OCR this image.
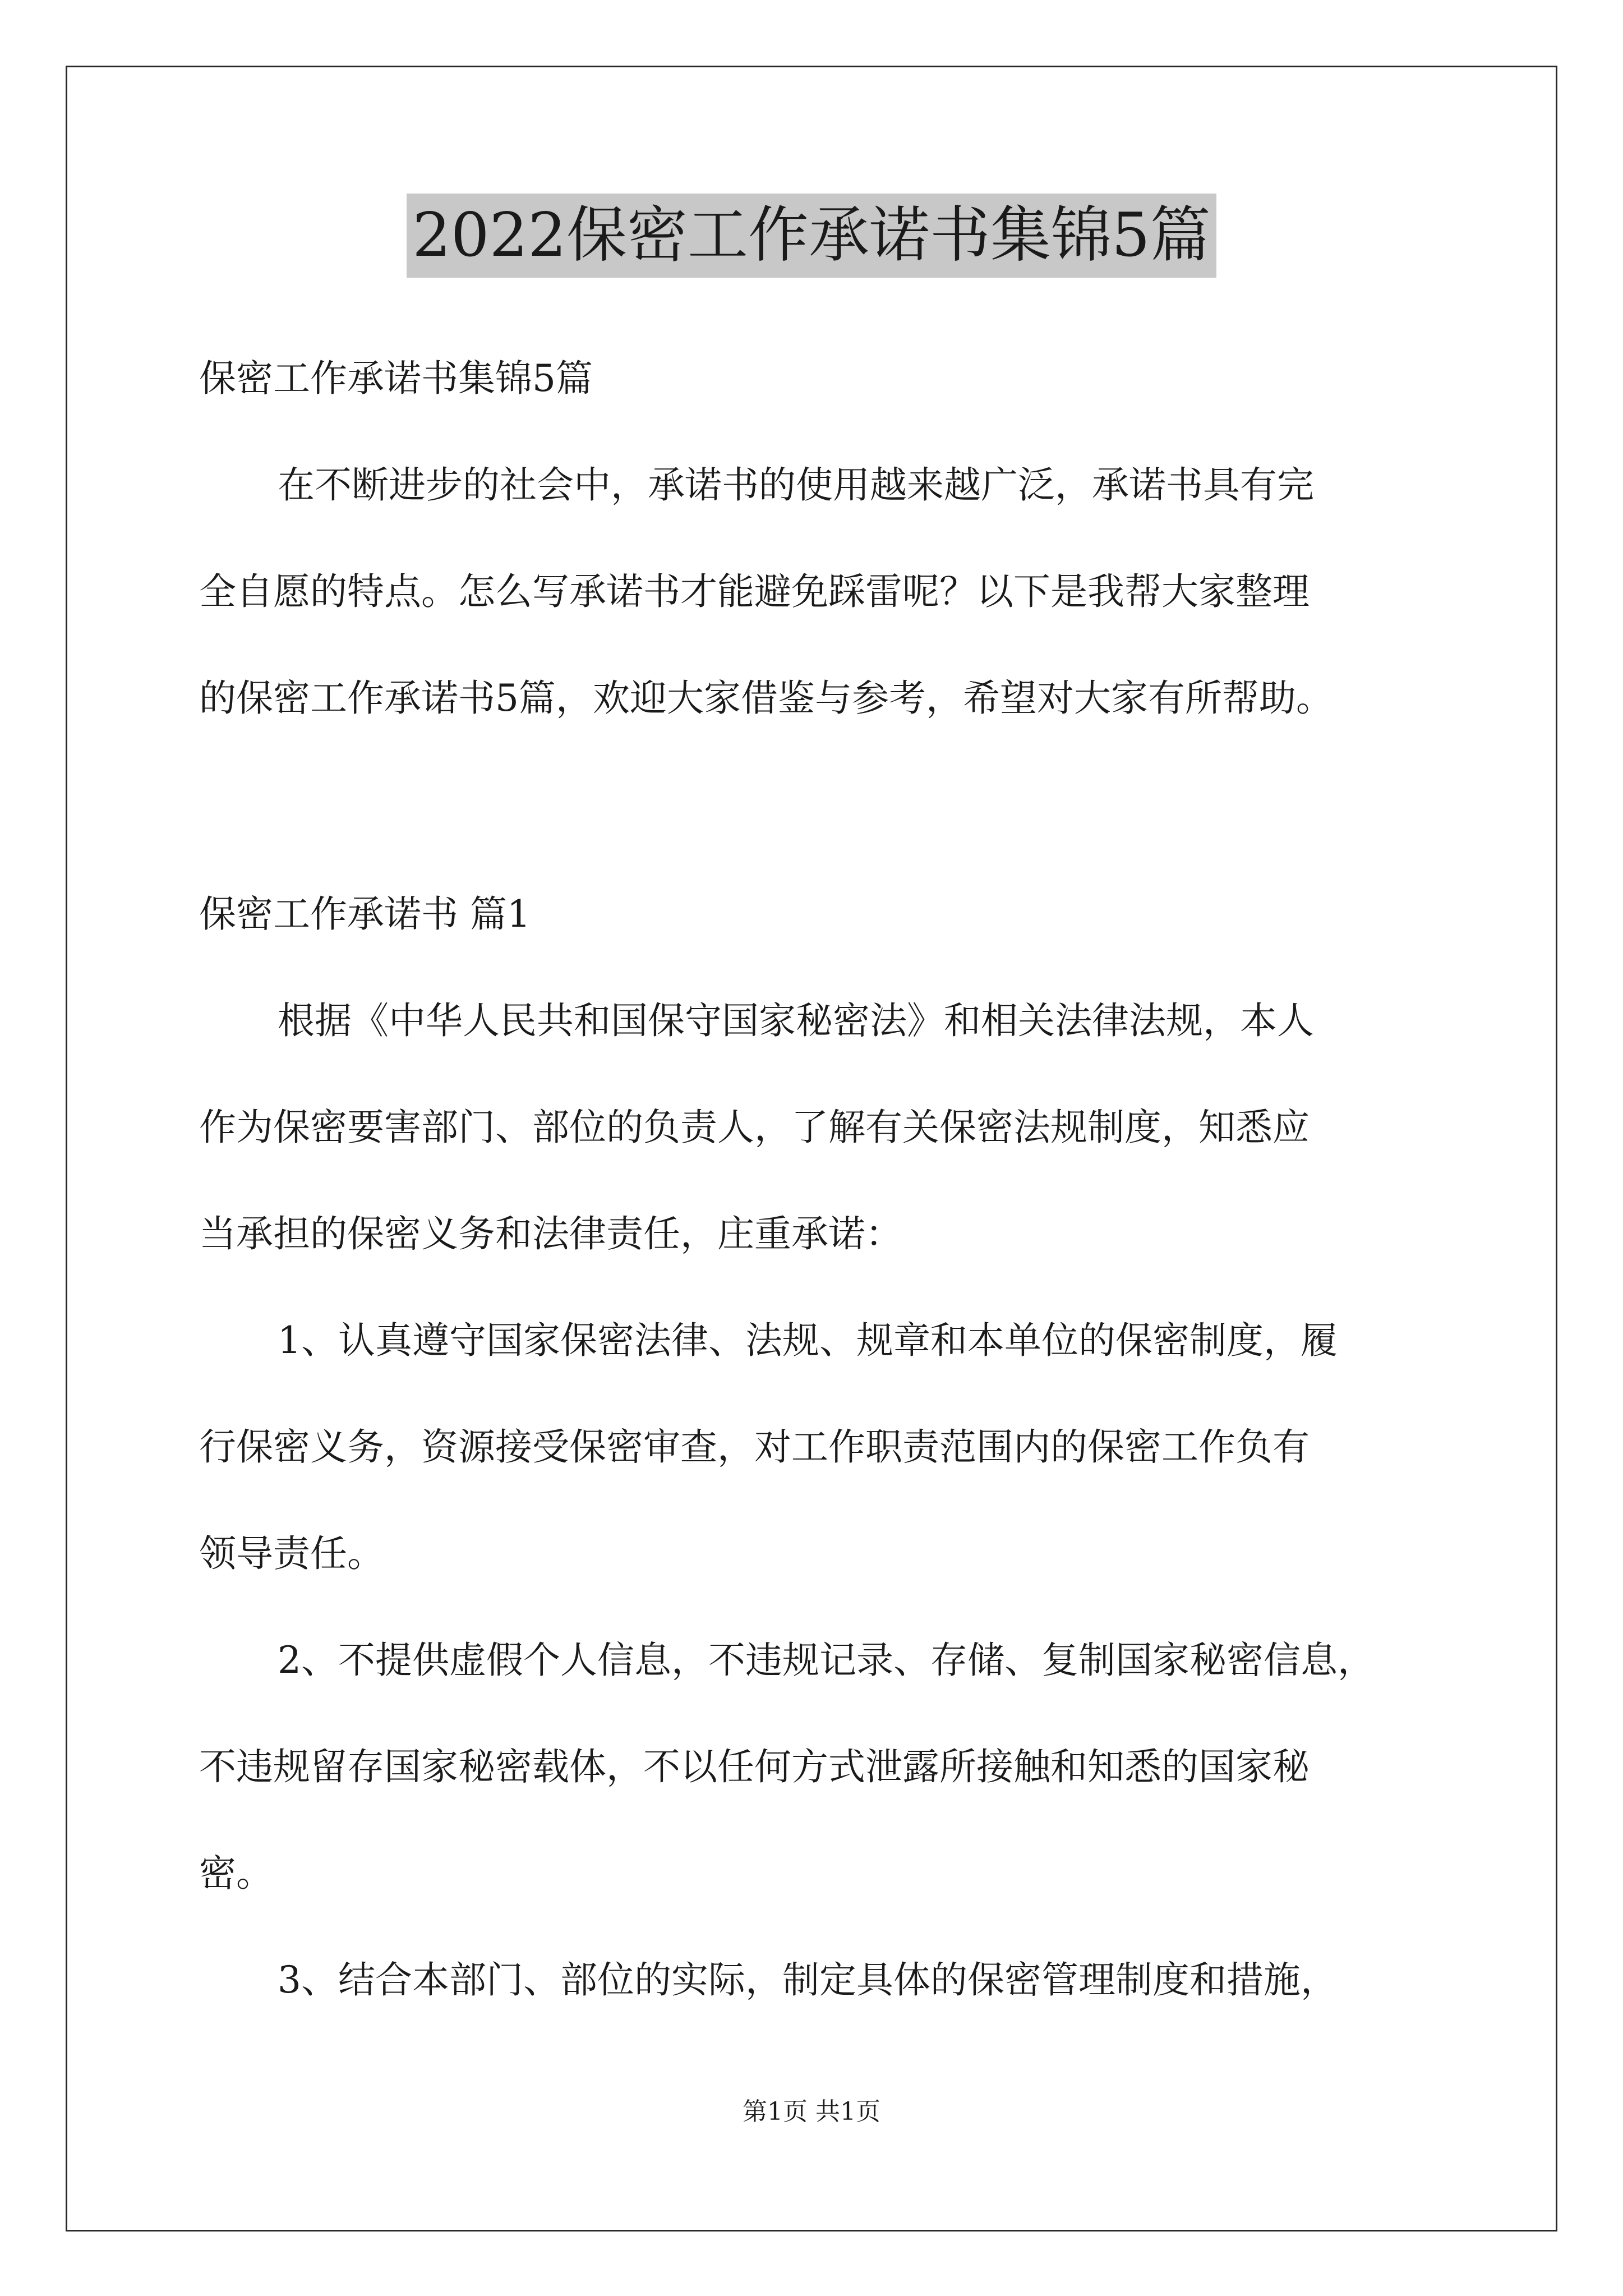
2022保密工作承诺书集锦5篇
保密工作承诺书集锦5篇
在不断进步的社会中，承诺书的使用越来越广泛，承诺书具有完
全自愿的特点。怎么写承诺书才能避免踩雷呢？以下是我帮大家整理
的保密工作承诺书5篇，欢迎大家借鉴与参考，希望对大家有所帮助。
保密工作承诺书 篇1
根据《中华人民共和国保守国家秘密法》和相关法律法规，本人
作为保密要害部门、部位的负责人，了解有关保密法规制度，知悉应
当承担的保密义务和法律责任，庄重承诺：
1、认真遵守国家保密法律、法规、规章和本单位的保密制度，履
行保密义务，资源接受保密审查，对工作职责范围内的保密工作负有
领导责任。
2、不提供虚假个人信息，不违规记录、存储、复制国家秘密信息，
不违规留存国家秘密载体，不以任何方式泄露所接触和知悉的国家秘
密。
3、结合本部门、部位的实际，制定具体的保密管理制度和措施，
第1页 共1页
